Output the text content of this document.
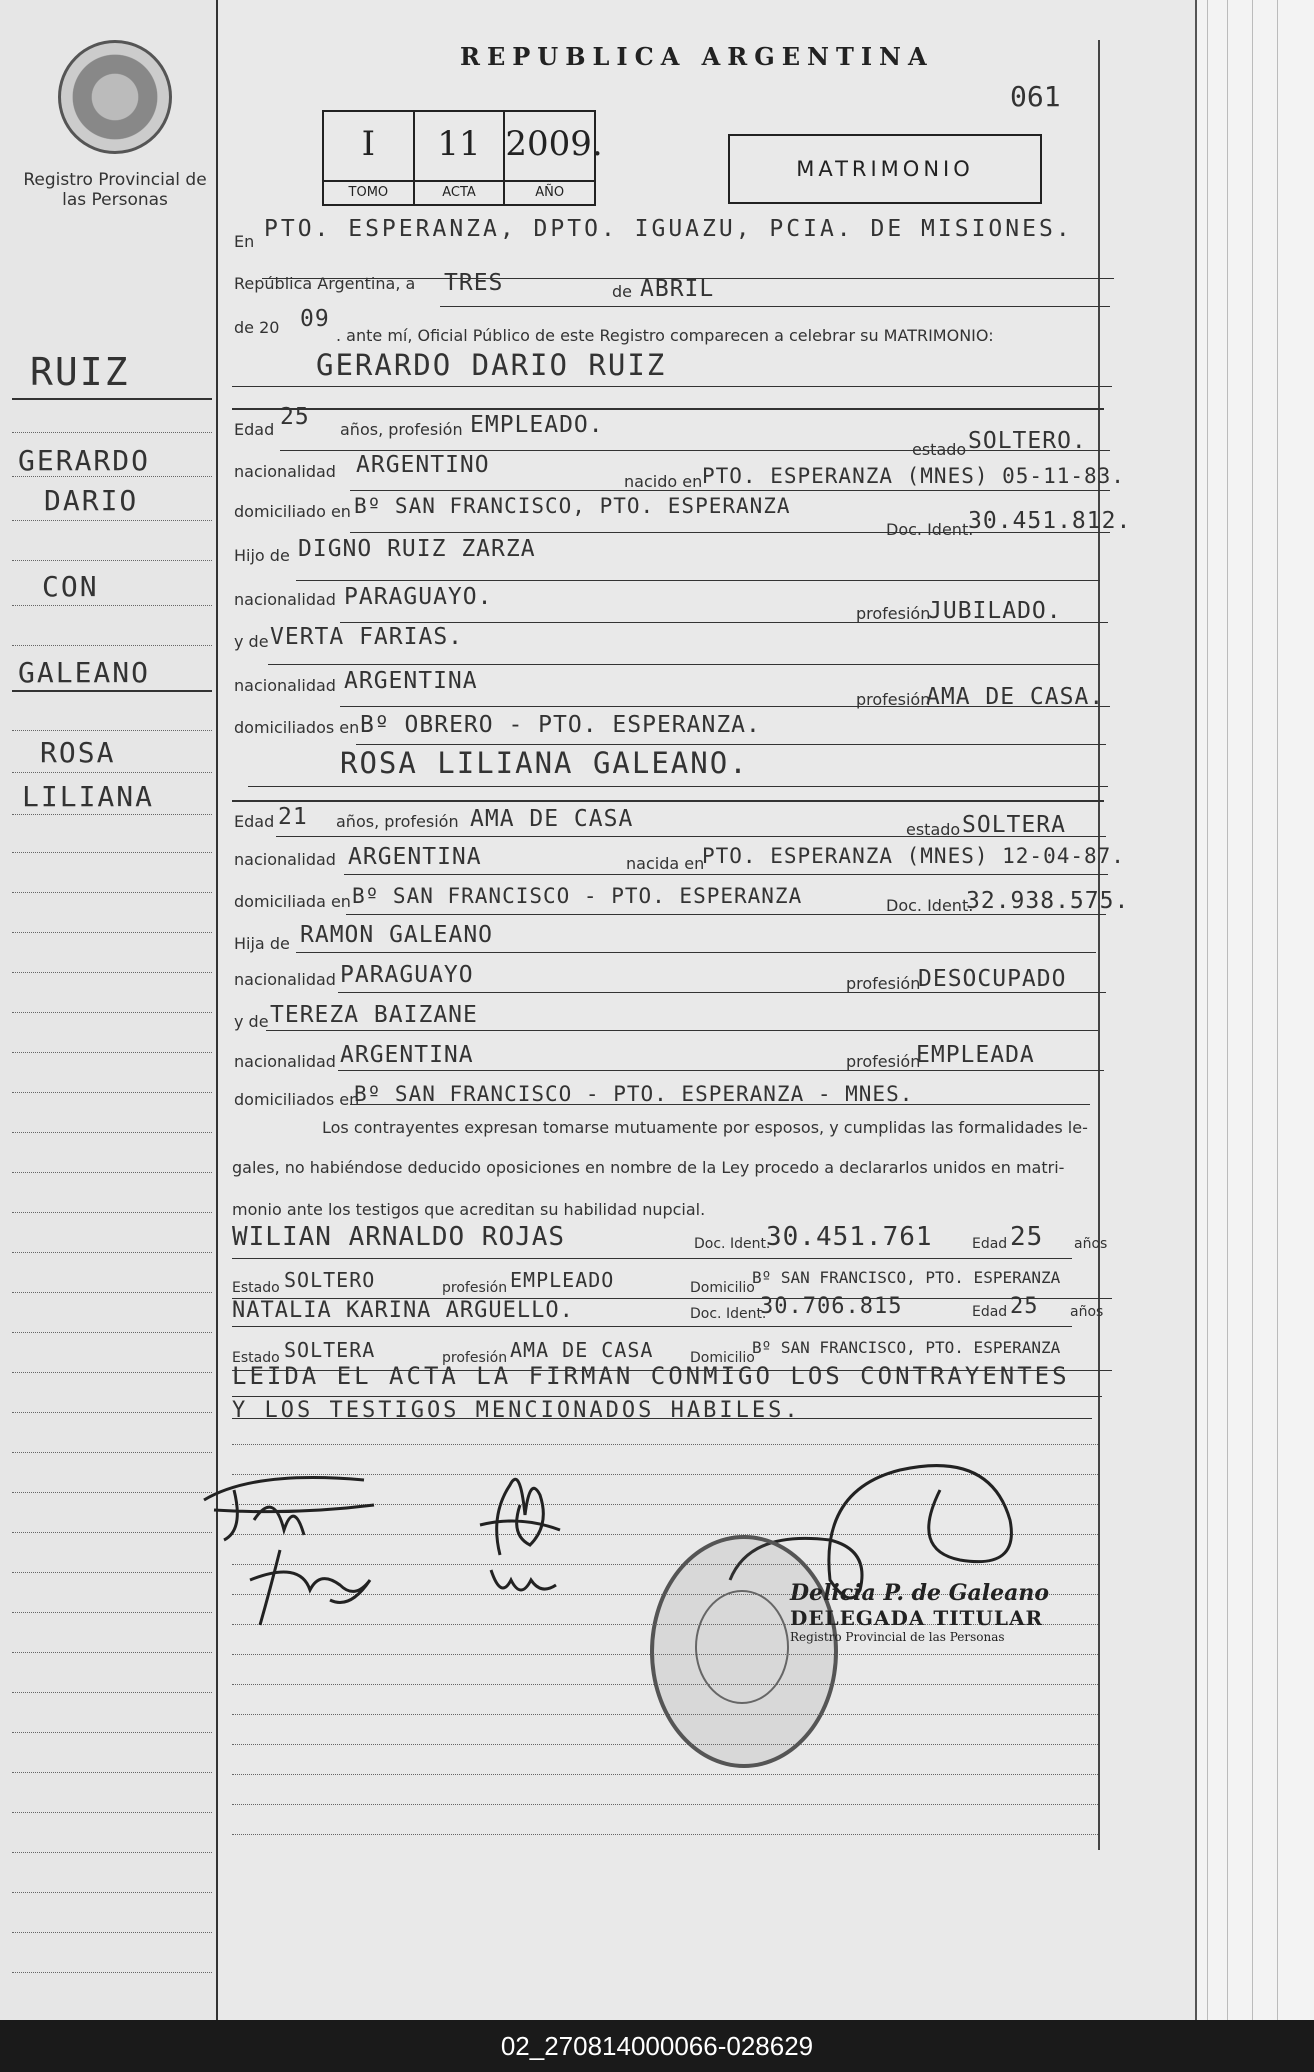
Registro Provincial de las Personas
RUIZ
GERARDO
DARIO
CON
GALEANO
ROSA
LILIANA
REPUBLICA ARGENTINA
061
I
TOMO
11
ACTA
2009.
AÑO
MATRIMONIO
En PTO. ESPERANZA, DPTO. IGUAZU, PCIA. DE MISIONES.
República Argentina, a TRES	de ABRIL
de 20 09
. ante mí, Oficial Público de este Registro comparecen a celebrar su MATRIMONIO:
GERARDO DARIO RUIZ
Edad 25 años, profesión EMPLEADO.
estado SOLTERO.
nacionalidad ARGENTINO
nacido en PTO. ESPERANZA (MNES) 05-11-83.
domiciliado en Bº SAN FRANCISCO, PTO. ESPERANZA
Doc. Ident.
30.451.812.
Hijo de DIGNO RUIZ ZARZA
nacionalidad PARAGUAYO.
profesión
JUBILADO.
y de VERTA FARIAS.
nacionalidad ARGENTINA
profesión
AMA DE CASA.
domiciliados en Bº OBRERO - PTO. ESPERANZA.
ROSA LILIANA GALEANO.
Edad 21 años, profesión AMA DE CASA	estado SOLTERA
nacionalidad ARGENTINA	nacida en
PTO. ESPERANZA (MNES) 12-04-87.
domiciliada en Bº SAN FRANCISCO - PTO. ESPERANZA	Doc. Ident.
32.938.575.
Hija de RAMON GALEANO
nacionalidad PARAGUAYO	profesión
DESOCUPADO
y de TEREZA BAIZANE
nacionalidad ARGENTINA	profesión
EMPLEADA
domiciliados en
Bº SAN FRANCISCO - PTO. ESPERANZA - MNES.
Los contrayentes expresan tomarse mutuamente por esposos, y cumplidas las formalidades le-
gales, no habiéndose deducido oposiciones en nombre de la Ley procedo a declararlos unidos en matri-
monio ante los testigos que acreditan su habilidad nupcial.
WILIAN ARNALDO ROJAS	Doc. Ident.
30.451.761	Edad 25 años
Estado SOLTERO	profesión EMPLEADO	Domicilio
Bº SAN FRANCISCO, PTO. ESPERANZA
NATALIA KARINA ARGUELLO.	Doc. Ident.
30.706.815	Edad 25 años
Estado SOLTERA	profesión AMA DE CASA	Domicilio
Bº SAN FRANCISCO, PTO. ESPERANZA
LEIDA EL ACTA LA FIRMAN CONMIGO LOS CONTRAYENTES
Y LOS TESTIGOS MENCIONADOS HABILES.
Delicia P. de Galeano
DELEGADA TITULAR
Registro Provincial de las Personas
02_270814000066-028629
